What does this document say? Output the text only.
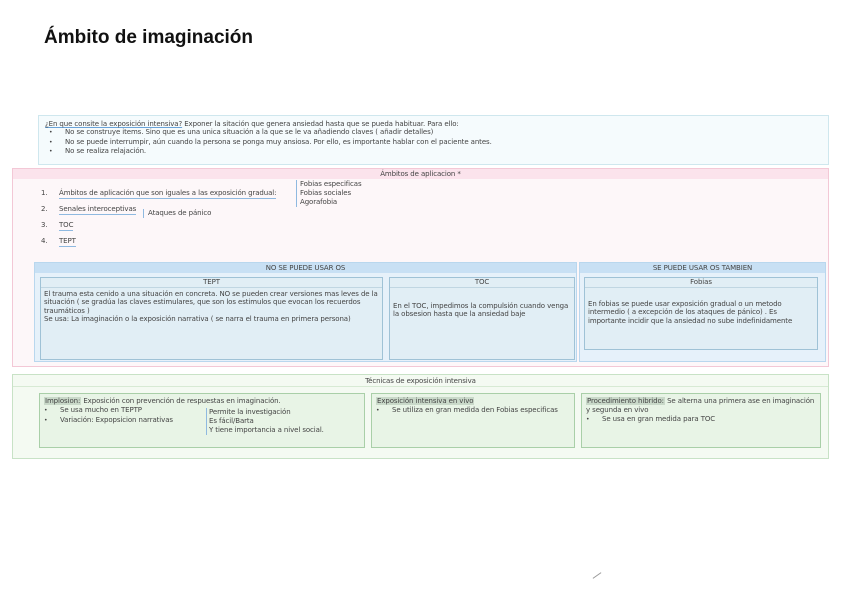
Ámbito de imaginación
¿En que consite la exposición intensiva? Exponer la sitación que genera ansiedad hasta que se pueda habituar. Para ello:
• No se construye items. Sino que es una unica situación a la que se le va añadiendo claves ( añadir detalles)
• No se puede interrumpir, aún cuando la persona se ponga muy ansiosa. Por ello, es importante hablar con el paciente antes.
• No se realiza relajación.
Ámbitos de aplicacion *
1.	Ámbitos de aplicación que son iguales a las exposición gradual:
2.	Senales interoceptivas
3.	TOC
4.	TEPT
Fobias especificas
Fobias sociales
Agorafobia
Ataques de pánico
NO SE PUEDE USAR OS
TEPT
El trauma esta cenido a una situación en concreta. NO se pueden crear versiones mas leves de la situación ( se gradúa las claves estimulares, que son los estimulos que evocan los recuerdos traumáticos )
Se usa: La imaginación o la exposición narrativa ( se narra el trauma en primera persona)
TOC
En el TOC, impedimos la compulsión cuando venga la obsesion hasta que la ansiedad baje
SE PUEDE USAR OS TAMBIEN
Fobias
En fobias se puede usar exposición gradual o un metodo intermedio ( a excepción de los ataques de pánico) . Es importante incidir que la ansiedad no sube indefinidamente
Técnicas de exposición intensiva
Implosion: Exposición con prevención de respuestas en imaginación.
• Se usa mucho en TEPTP
• Variación: Expopsicion narrativas
Permite la investigación
Es fácil/Barta
Y tiene importancia a nivel social.
Exposición intensiva en vivo
• Se utiliza en gran medida den Fobias especificas
Procedimiento hibrido: Se alterna una primera ase en imaginación y segunda en vivo
• Se usa en gran medida para TOC
